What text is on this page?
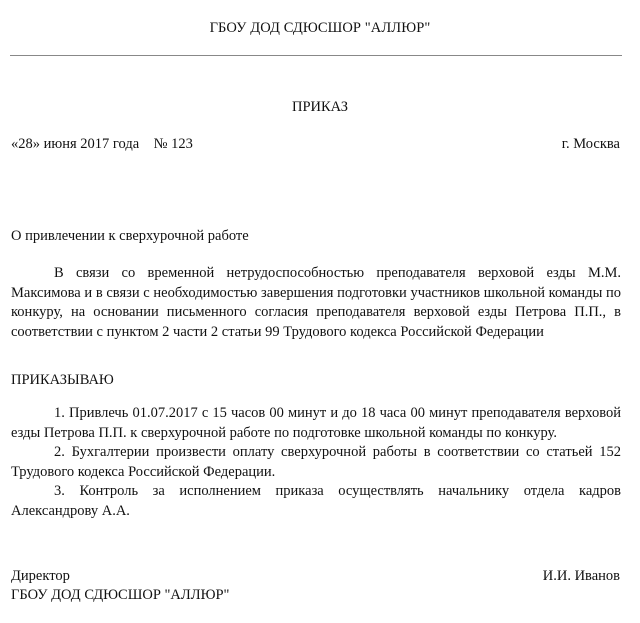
ГБОУ ДОД СДЮСШОР "АЛЛЮР"
ПРИКАЗ
«28» июня 2017 года № 123	г. Москва
О привлечении к сверхурочной работе
В связи со временной нетрудоспособностью преподавателя верховой езды М.М. Максимова и в связи с необходимостью завершения подготовки участников школьной команды по конкуру, на основании письменного согласия преподавателя верховой езды Петрова П.П., в соответствии с пунктом 2 части 2 статьи 99 Трудового кодекса Российской Федерации
ПРИКАЗЫВАЮ

1. Привлечь 01.07.2017 с 15 часов 00 минут и до 18 часа 00 минут преподавателя верховой езды Петрова П.П. к сверхурочной работе по подготовке школьной команды по конкуру.

2. Бухгалтерии произвести оплату сверхурочной работы в соответствии со статьей 152 Трудового кодекса Российской Федерации.

3. Контроль за исполнением приказа осуществлять начальнику отдела кадров Александрову А.А.

Директор	И.И. Иванов
ГБОУ ДОД СДЮСШОР "АЛЛЮР"
